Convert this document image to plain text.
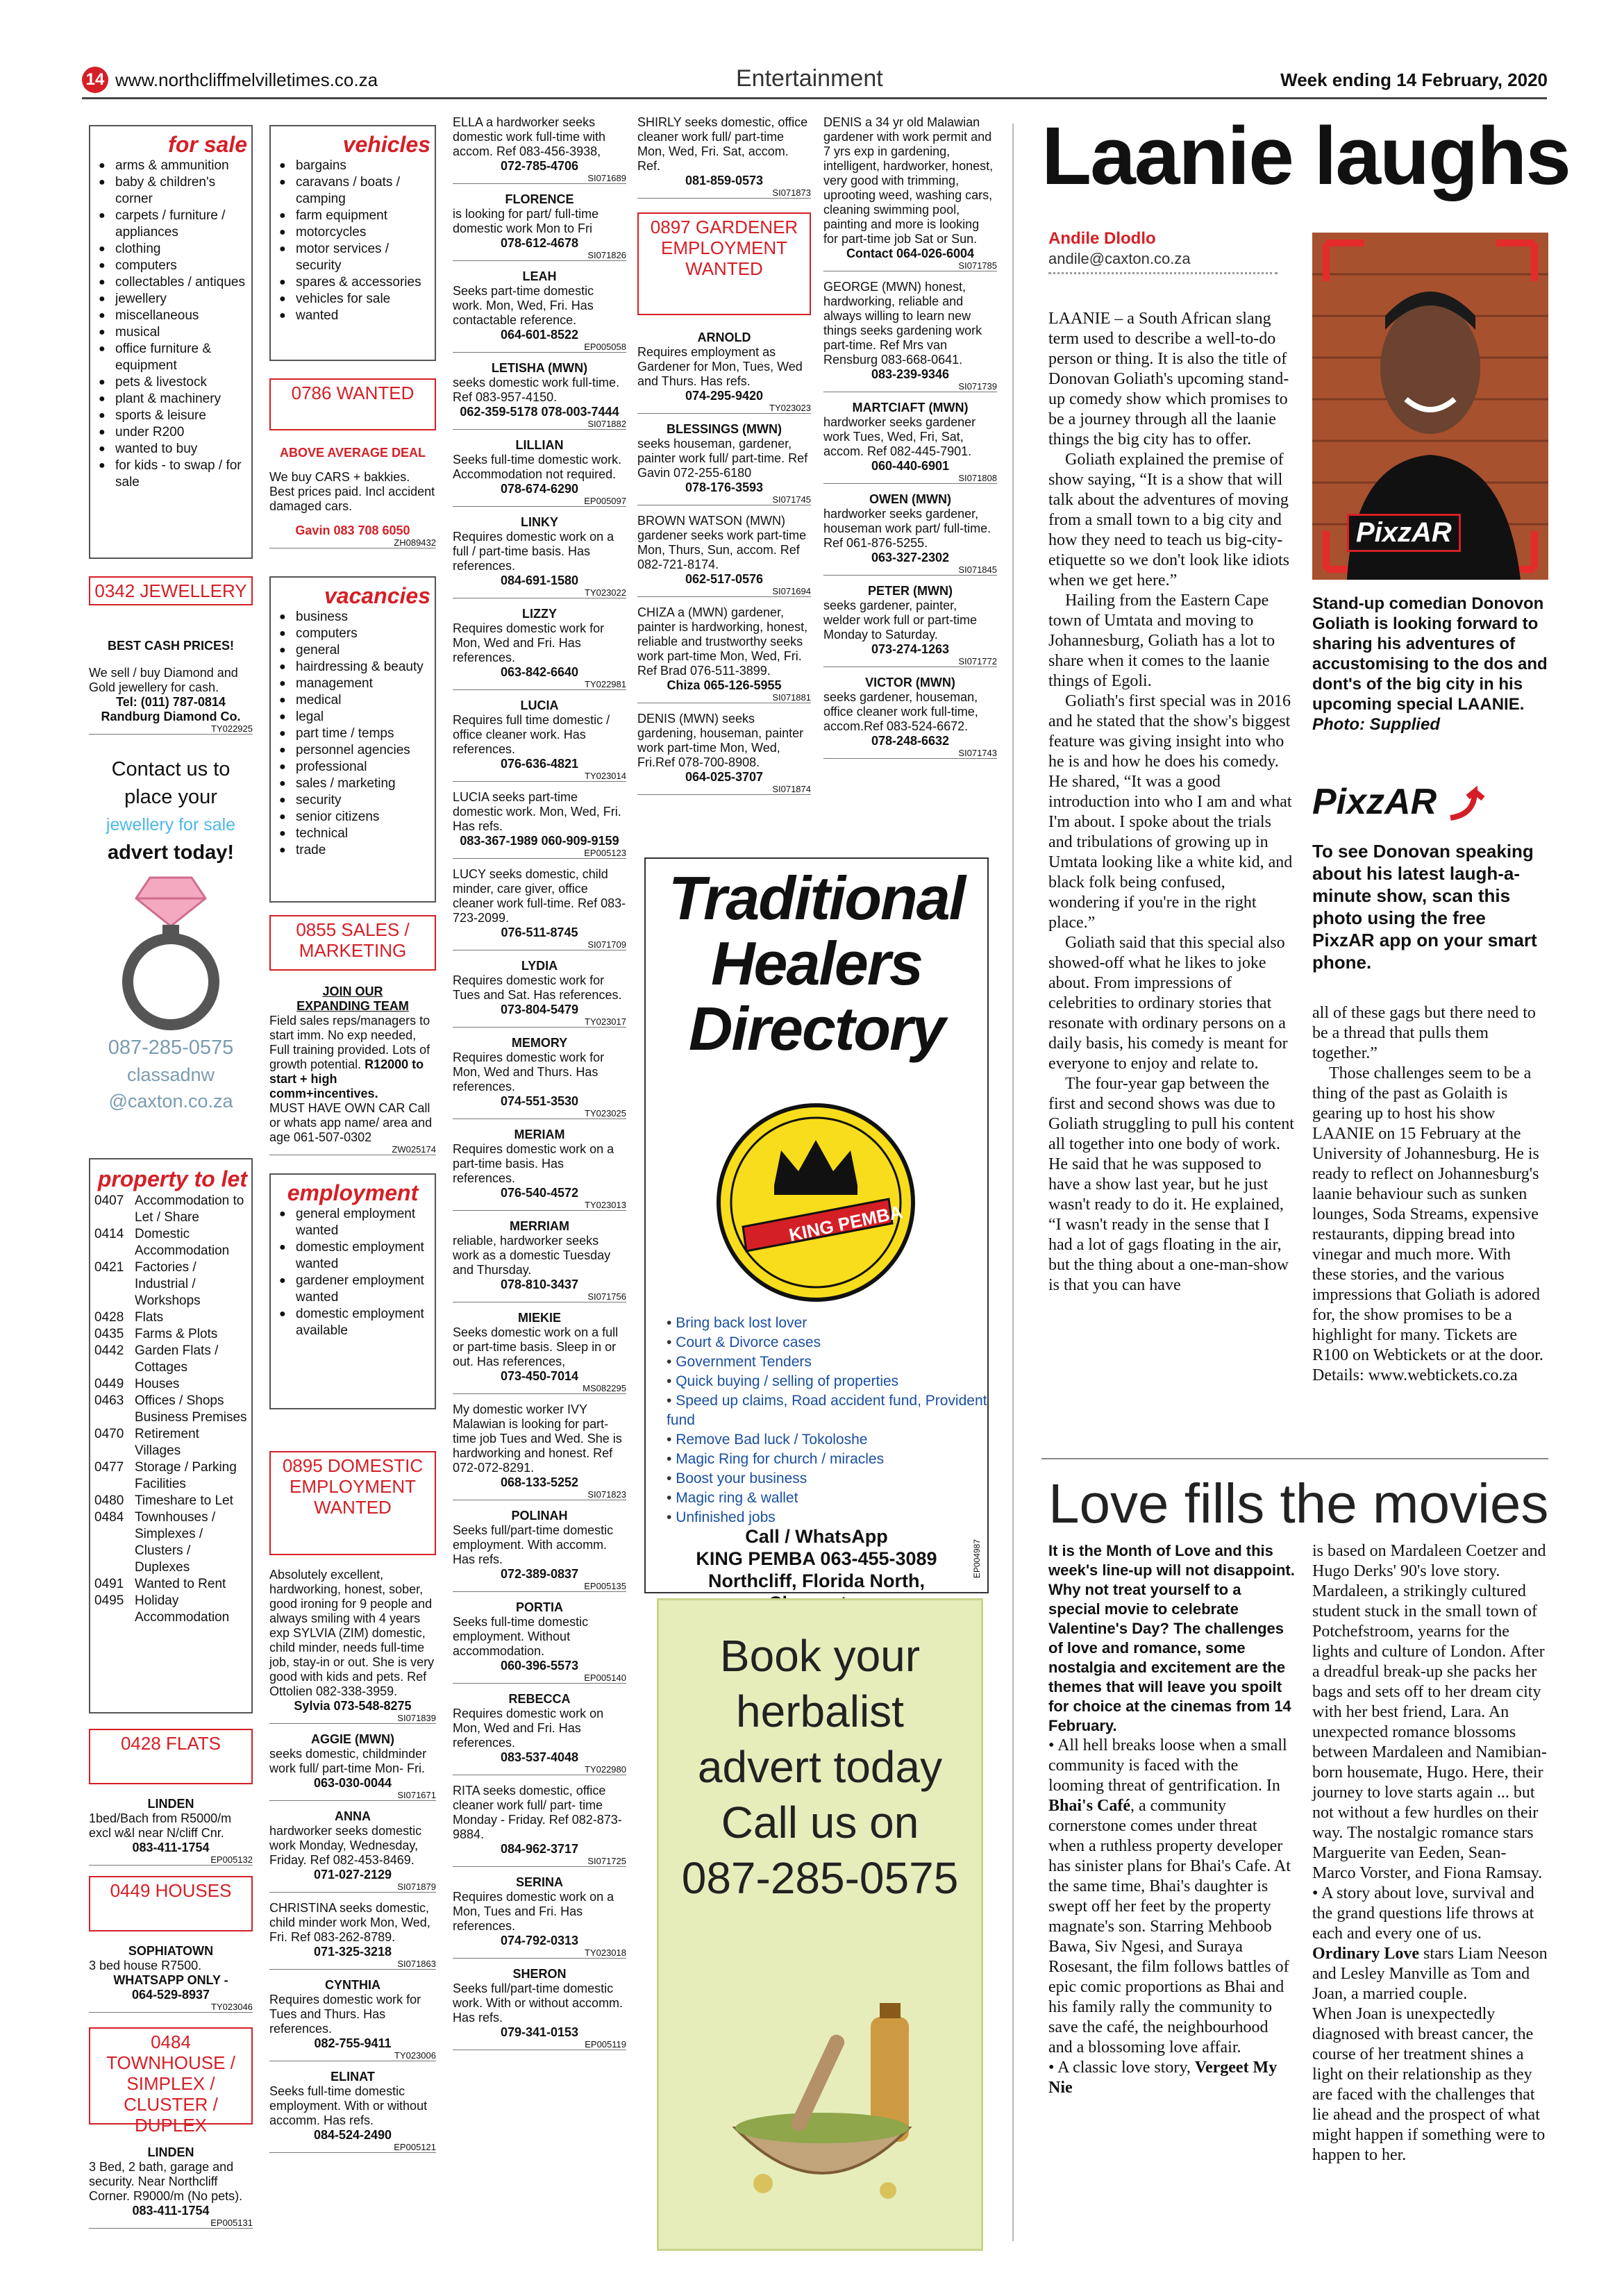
14 www.northcliffmelvilletimes.co.za	Entertainment	Week ending 14 February, 2020
for sale
● arms & ammunition
● baby & children's corner
● carpets / furniture / appliances
● clothing
● computers
● collectables / antiques
● jewellery
● miscellaneous
● musical
● office furniture & equipment
● pets & livestock
● plant & machinery
● sports & leisure
● under R200
● wanted to buy
● for kids - to swap / for sale
0342 JEWELLERY
BEST CASH PRICES!
We sell / buy Diamond and Gold jewellery for cash.
Tel: (011) 787-0814
Randburg Diamond Co.
TY022925
Contact us to place your
jewellery for sale
advert today!
087-285-0575
classadnw
@caxton.co.za
property to let
0407 Accommodation to Let / Share
0414 Domestic Accommodation
0421 Factories / Industrial / Workshops
0428 Flats
0435 Farms & Plots
0442 Garden Flats / Cottages
0449 Houses
0463 Offices / Shops Business Premises
0470 Retirement Villages
0477 Storage / Parking Facilities
0480 Timeshare to Let
0484 Townhouses / Simplexes / Clusters / Duplexes
0491 Wanted to Rent
0495 Holiday Accommodation
0428 FLATS
LINDEN
1bed/Bach from R5000/m excl w&l near N/cliff Cnr.
083-411-1754
EP005132
0449 HOUSES
SOPHIATOWN
3 bed house R7500.
WHATSAPP ONLY -
064-529-8937
TY023046
0484 TOWNHOUSE / SIMPLEX / CLUSTER / DUPLEX
LINDEN
3 Bed, 2 bath, garage and security. Near Northcliff Corner. R9000/m (No pets).
083-411-1754
EP005131
vehicles
● bargains
● caravans / boats / camping
● farm equipment
● motorcycles
● motor services / security
● spares & accessories
● vehicles for sale
● wanted
0786 WANTED
ABOVE AVERAGE DEAL
We buy CARS + bakkies. Best prices paid. Incl accident damaged cars.
Gavin 083 708 6050
ZH089432
vacancies
● business
● computers
● general
● hairdressing & beauty
● management
● medical
● legal
● part time / temps
● personnel agencies
● professional
● sales / marketing
● security
● senior citizens
● technical
● trade
0855 SALES / MARKETING
JOIN OUR
EXPANDING TEAM
Field sales reps/managers to start imm. No exp needed, Full training provided. Lots of growth potential. R12000 to start + high comm+incentives.
MUST HAVE OWN CAR Call or whats app name/ area and age 061-507-0302
ZW025174
employment
● general employment wanted
● domestic employment wanted
● gardener employment wanted
● domestic employment available
0895 DOMESTIC EMPLOYMENT WANTED
Absolutely excellent, hardworking, honest, sober, good ironing for 9 people and always smiling with 4 years exp SYLVIA (ZIM) domestic, child minder, needs full-time job, stay-in or out. She is very good with kids and pets. Ref Ottolien 082-338-3959.
Sylvia 073-548-8275
SI071839
AGGIE (MWN)
seeks domestic, childminder work full/ part-time Mon- Fri.
063-030-0044
SI071671
ANNA
hardworker seeks domestic work Monday, Wednesday, Friday. Ref 082-453-8469.
071-027-2129
SI071879
CHRISTINA seeks domestic, child minder work Mon, Wed, Fri. Ref 083-262-8789.
071-325-3218
SI071863
CYNTHIA
Requires domestic work for Tues and Thurs. Has references.
082-755-9411
TY023006
ELINAT
Seeks full-time domestic employment. With or without accomm. Has refs.
084-524-2490
EP005121
ELLA a hardworker seeks domestic work full-time with accom. Ref 083-456-3938,
072-785-4706
SI071689
FLORENCE
is looking for part/ full-time domestic work Mon to Fri
078-612-4678
SI071826
LEAH
Seeks part-time domestic work. Mon, Wed, Fri. Has contactable reference.
064-601-8522
EP005058
LETISHA (MWN)
seeks domestic work full-time. Ref 083-957-4150.
062-359-5178 078-003-7444
SI071882
LILLIAN
Seeks full-time domestic work. Accommodation not required.
078-674-6290
EP005097
LINKY
Requires domestic work on a full / part-time basis. Has references.
084-691-1580
TY023022
LIZZY
Requires domestic work for Mon, Wed and Fri. Has references.
063-842-6640
TY022981
LUCIA
Requires full time domestic / office cleaner work. Has references.
076-636-4821
TY023014
LUCIA seeks part-time domestic work. Mon, Wed, Fri. Has refs.
083-367-1989 060-909-9159
EP005123
LUCY seeks domestic, child minder, care giver, office cleaner work full-time. Ref 083-723-2099.
076-511-8745
SI071709
LYDIA
Requires domestic work for Tues and Sat. Has references.
073-804-5479
TY023017
MEMORY
Requires domestic work for Mon, Wed and Thurs. Has references.
074-551-3530
TY023025
MERIAM
Requires domestic work on a part-time basis. Has references.
076-540-4572
TY023013
MERRIAM
reliable, hardworker seeks work as a domestic Tuesday and Thursday.
078-810-3437
SI071756
MIEKIE
Seeks domestic work on a full or part-time basis. Sleep in or out. Has references,
073-450-7014
MS082295
My domestic worker IVY Malawian is looking for part-time job Tues and Wed. She is hardworking and honest. Ref 072-072-8291.
068-133-5252
SI071823
POLINAH
Seeks full/part-time domestic employment. With accomm. Has refs.
072-389-0837
EP005135
PORTIA
Seeks full-time domestic employment. Without accommodation.
060-396-5573
EP005140
REBECCA
Requires domestic work on Mon, Wed and Fri. Has references.
083-537-4048
TY022980
RITA seeks domestic, office cleaner work full/ part- time Monday - Friday. Ref 082-873-9884.
084-962-3717
SI071725
SERINA
Requires domestic work on a Mon, Tues and Fri. Has references.
074-792-0313
TY023018
SHERON
Seeks full/part-time domestic work. With or without accomm. Has refs.
079-341-0153
EP005119
SHIRLY seeks domestic, office cleaner work full/ part-time Mon, Wed, Fri. Sat, accom. Ref.
081-859-0573
SI071873
0897 GARDENER EMPLOYMENT WANTED
ARNOLD
Requires employment as Gardener for Mon, Tues, Wed and Thurs. Has refs.
074-295-9420
TY023023
BLESSINGS (MWN)
seeks houseman, gardener, painter work full/ part-time. Ref Gavin 072-255-6180
078-176-3593
SI071745
BROWN WATSON (MWN) gardener seeks work part-time Mon, Thurs, Sun, accom. Ref 082-721-8174.
062-517-0576
SI071694
CHIZA a (MWN) gardener, painter is hardworking, honest, reliable and trustworthy seeks work part-time Mon, Wed, Fri. Ref Brad 076-511-3899.
Chiza 065-126-5955
SI071881
DENIS (MWN) seeks gardening, houseman, painter work part-time Mon, Wed, Fri.Ref 078-700-8908.
064-025-3707
SI071874
DENIS a 34 yr old Malawian gardener with work permit and 7 yrs exp in gardening, intelligent, hardworker, honest, very good with trimming, uprooting weed, washing cars, cleaning swimming pool, painting and more is looking for part-time job Sat or Sun.
Contact 064-026-6004
SI071785
GEORGE (MWN) honest, hardworking, reliable and always willing to learn new things seeks gardening work part-time. Ref Mrs van Rensburg 083-668-0641.
083-239-9346
SI071739
MARTCIAFT (MWN)
hardworker seeks gardener work Tues, Wed, Fri, Sat, accom. Ref 082-445-7901.
060-440-6901
SI071808
OWEN (MWN)
hardworker seeks gardener, houseman work part/ full-time. Ref 061-876-5255.
063-327-2302
SI071845
PETER (MWN)
seeks gardener, painter, welder work full or part-time Monday to Saturday.
073-274-1263
SI071772
VICTOR (MWN)
seeks gardener, houseman, office cleaner work full-time, accom.Ref 083-524-6672.
078-248-6632
SI071743
Traditional
Healers
Directory
KING PEMBA
• Bring back lost lover
• Court & Divorce cases
• Government Tenders
• Quick buying / selling of properties
• Speed up claims, Road accident fund, Provident fund
• Remove Bad luck / Tokoloshe
• Magic Ring for church / miracles
• Boost your business
• Magic ring & wallet
• Unfinished jobs
Call / WhatsApp
KING PEMBA 063-455-3089
Northcliff, Florida North,
EP004987
Book your
herbalist
advert today
Call us on
087-285-0575
Laanie laughs
Andile Dlodlo
andile@caxton.co.za
PixzAR
Stand-up comedian Donovon Goliath is looking forward to sharing his adventures of accustomising to the dos and dont's of the big city in his upcoming special LAANIE. Photo: Supplied
PixzAR
To see Donovan speaking about his latest laugh-a-minute show, scan this photo using the free PixzAR app on your smart phone.

LAANIE – a South African slang term used to describe a well-to-do person or thing. It is also the title of Donovan Goliath's upcoming stand-up comedy show which promises to be a journey through all the laanie things the big city has to offer.

Goliath explained the premise of show saying, “It is a show that will talk about the adventures of moving from a small town to a big city and how they need to teach us big-city-etiquette so we don't look like idiots when we get here.”

Hailing from the Eastern Cape town of Umtata and moving to Johannesburg, Goliath has a lot to share when it comes to the laanie things of Egoli.

Goliath's first special was in 2016 and he stated that the show's biggest feature was giving insight into who he is and how he does his comedy. He shared, “It was a good introduction into who I am and what I'm about. I spoke about the trials and tribulations of growing up in Umtata looking like a white kid, and black folk being confused, wondering if you're in the right place.”

Goliath said that this special also showed-off what he likes to joke about. From impressions of celebrities to ordinary stories that resonate with ordinary persons on a daily basis, his comedy is meant for everyone to enjoy and relate to.

The four-year gap between the first and second shows was due to Goliath struggling to pull his content all together into one body of work. He said that he was supposed to have a show last year, but he just wasn't ready to do it. He explained, “I wasn't ready in the sense that I had a lot of gags floating in the air, but the thing about a one-man-show is that you can have

all of these gags but there need to be a thread that pulls them together.”

Those challenges seem to be a thing of the past as Golaith is gearing up to host his show LAANIE on 15 February at the University of Johannesburg. He is ready to reflect on Johannesburg's laanie behaviour such as sunken lounges, Soda Streams, expensive restaurants, dipping bread into vinegar and much more. With these stories, and the various impressions that Goliath is adored for, the show promises to be a highlight for many. Tickets are R100 on Webtickets or at the door. Details: www.webtickets.co.za

Love fills the movies
It is the Month of Love and this week's line-up will not disappoint. Why not treat yourself to a special movie to celebrate Valentine's Day? The challenges of love and romance, some nostalgia and excitement are the themes that will leave you spoilt for choice at the cinemas from 14 February.
• All hell breaks loose when a small community is faced with the looming threat of gentrification. In Bhai's Café, a community cornerstone comes under threat when a ruthless property developer has sinister plans for Bhai's Cafe. At the same time, Bhai's daughter is swept off her feet by the property magnate's son. Starring Mehboob Bawa, Siv Ngesi, and Suraya Rosesant, the film follows battles of epic comic proportions as Bhai and his family rally the community to save the café, the neighbourhood and a blossoming love affair.
• A classic love story, Vergeet My Nie
is based on Mardaleen Coetzer and Hugo Derks' 90's love story. Mardaleen, a strikingly cultured student stuck in the small town of Potchefstroom, yearns for the lights and culture of London. After a dreadful break-up she packs her bags and sets off to her dream city with her best friend, Lara. An unexpected romance blossoms between Mardaleen and Namibian-born housemate, Hugo. Here, their journey to love starts again ... but not without a few hurdles on their way. The nostalgic romance stars Marguerite van Eeden, Sean-Marco Vorster, and Fiona Ramsay.
• A story about love, survival and the grand questions life throws at each and every one of us. Ordinary Love stars Liam Neeson and Lesley Manville as Tom and Joan, a married couple.
When Joan is unexpectedly diagnosed with breast cancer, the course of her treatment shines a light on their relationship as they are faced with the challenges that lie ahead and the prospect of what might happen if something were to happen to her.
